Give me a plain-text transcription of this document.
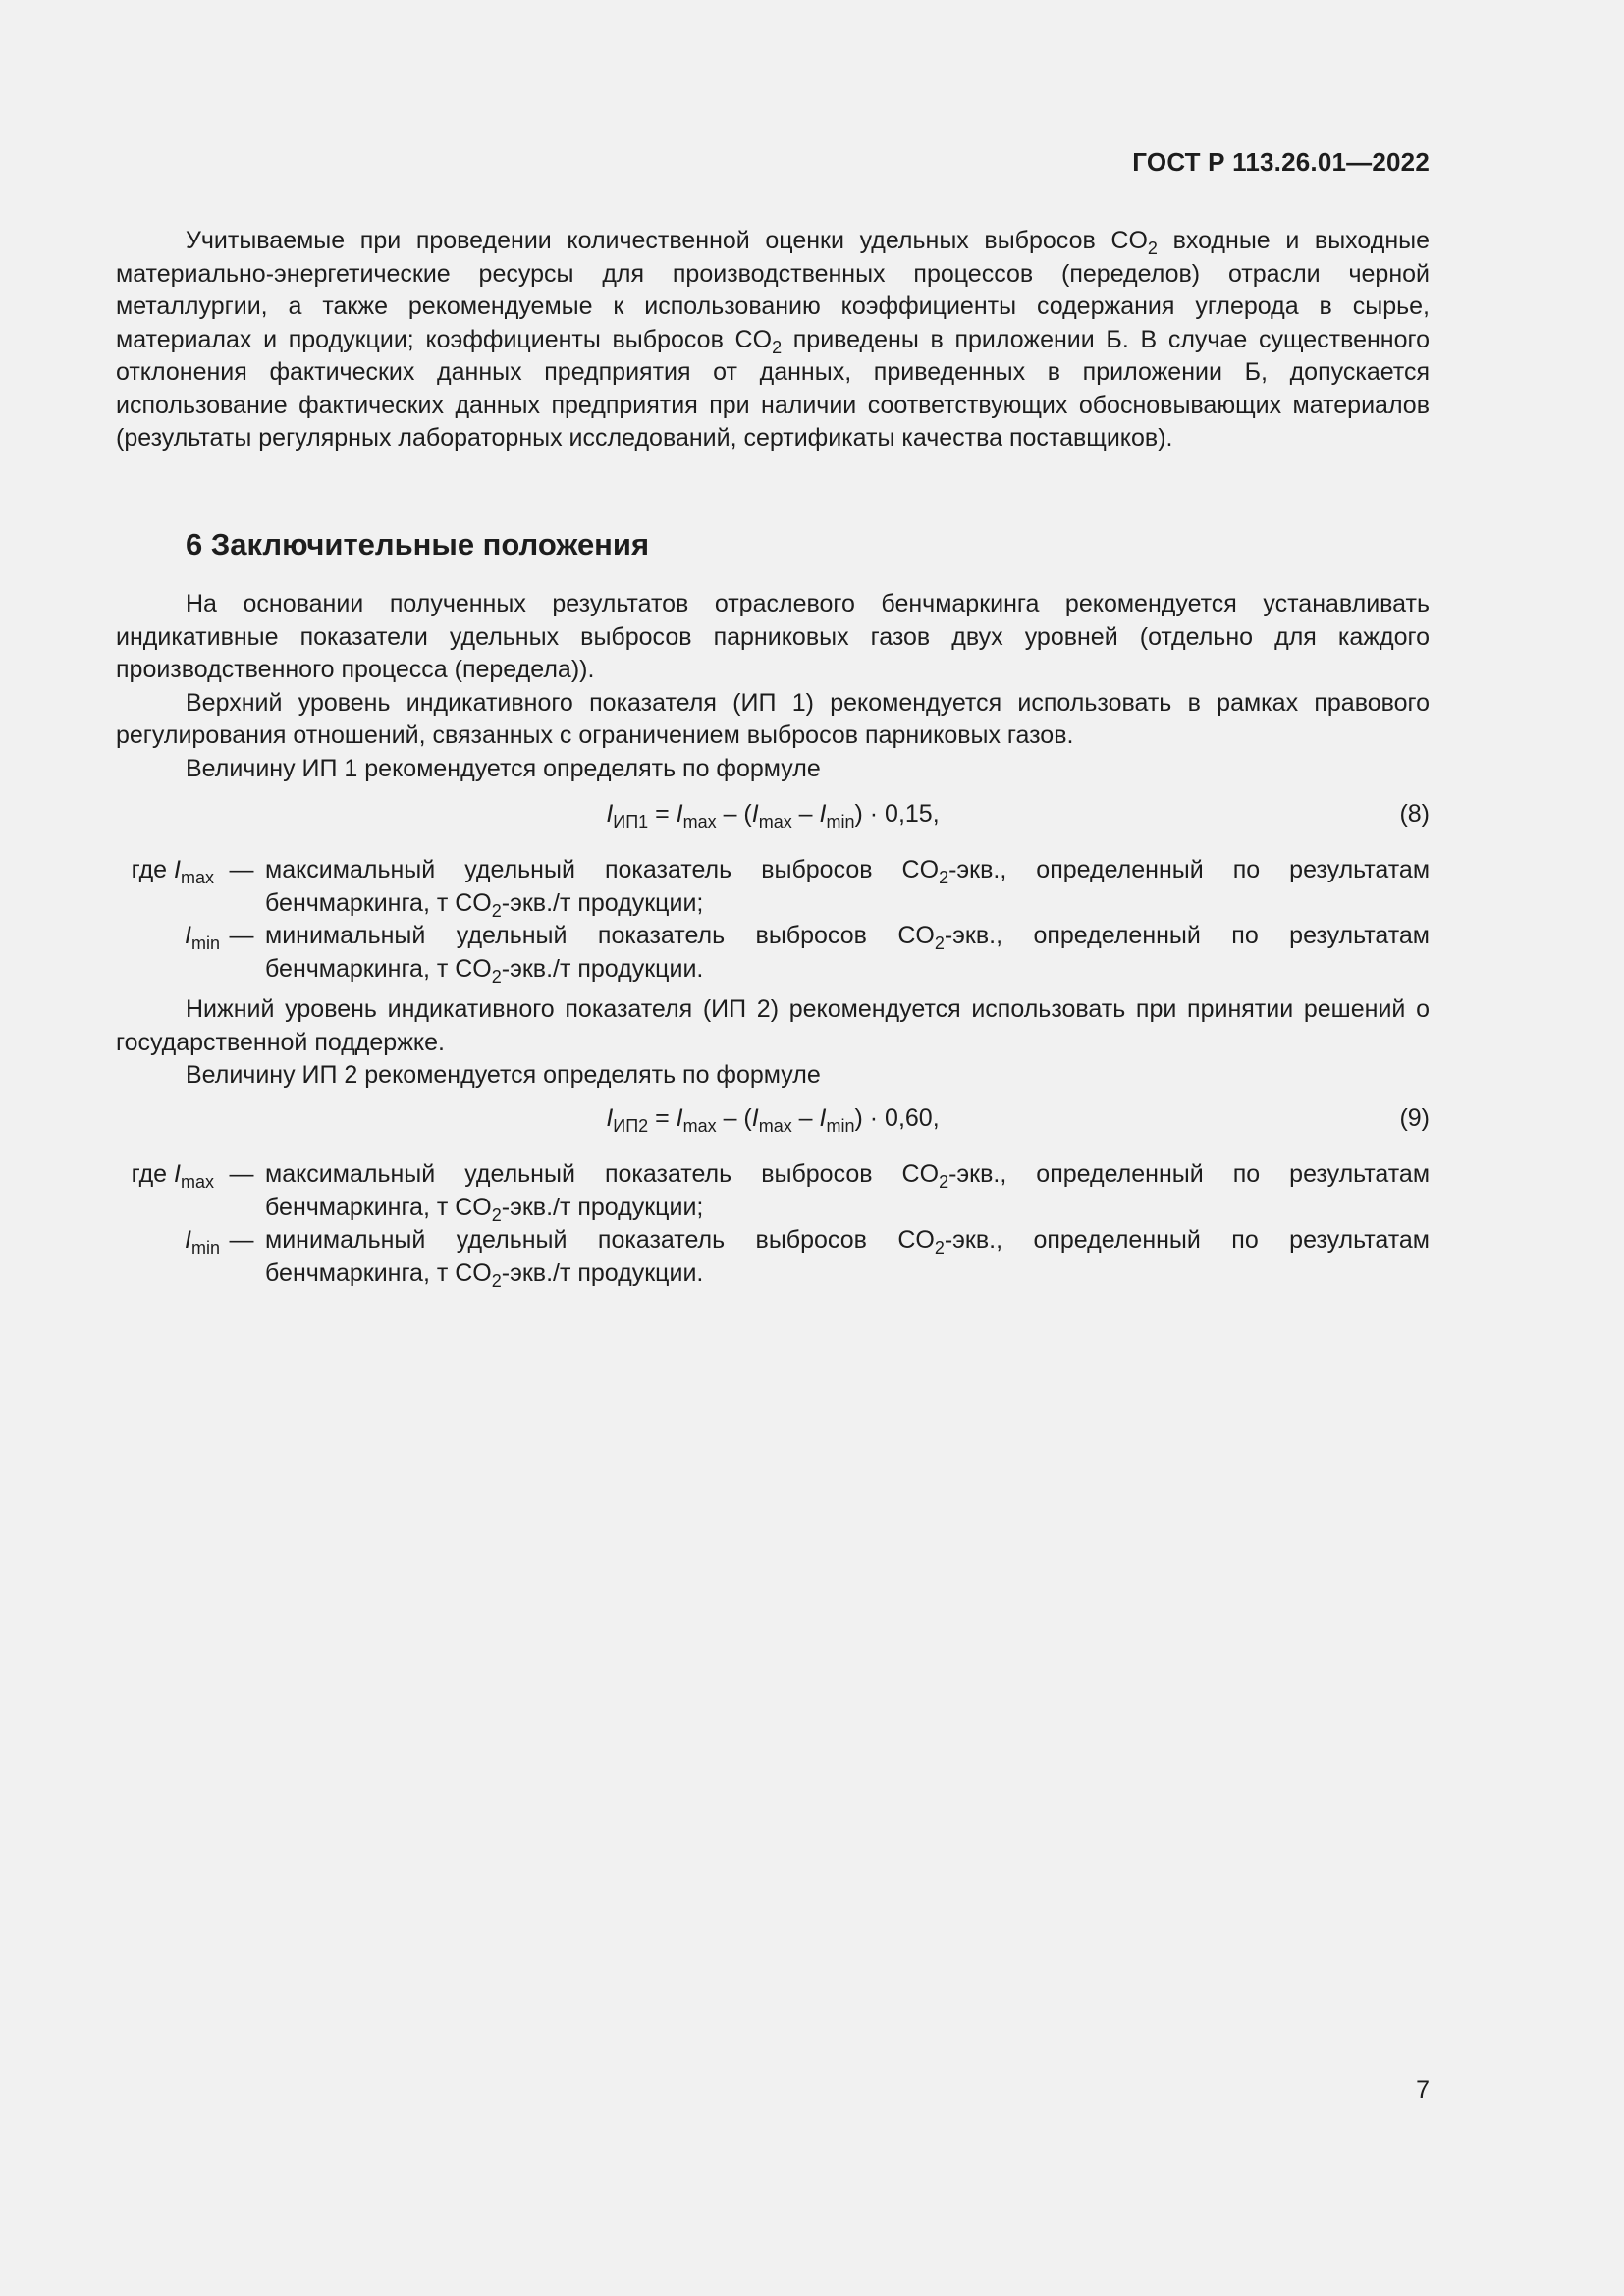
ГОСТ Р 113.26.01—2022

Учитываемые при проведении количественной оценки удельных выбросов $CO_2$ входные и выходные материально-энергетические ресурсы для производственных процессов (переделов) отрасли черной металлургии, а также рекомендуемые к использованию коэффициенты содержания углерода в сырье, материалах и продукции; коэффициенты выбросов $CO_2$ приведены в приложении Б. В случае существенного отклонения фактических данных предприятия от данных, приведенных в приложении Б, допускается использование фактических данных предприятия при наличии соответствующих обосновывающих материалов (результаты регулярных лабораторных исследований, сертификаты качества поставщиков).

6 Заключительные положения

На основании полученных результатов отраслевого бенчмаркинга рекомендуется устанавливать индикативные показатели удельных выбросов парниковых газов двух уровней (отдельно для каждого производственного процесса (передела)).

Верхний уровень индикативного показателя (ИП 1) рекомендуется использовать в рамках правового регулирования отношений, связанных с ограничением выбросов парниковых газов.

Величину ИП 1 рекомендуется определять по формуле

$I_{ИП1} = I_{max} - (I_{max} - I_{min}) \cdot 0,15$,	(8)
где $I_{max}$ — максимальный удельный показатель выбросов $CO_2$-экв., определенный по результатам бенчмаркинга, т $CO_2-экв./т$ продукции;
$I_{min}$ — минимальный удельный показатель выбросов $CO_2$-экв., определенный по результатам бенчмаркинга, т $CO_2-экв./т$ продукции.

Нижний уровень индикативного показателя (ИП 2) рекомендуется использовать при принятии решений о государственной поддержке.

Величину ИП 2 рекомендуется определять по формуле

$I_{ИП2} = I_{max} - (I_{max} - I_{min}) \cdot 0,60$,	(9)
где $I_{max}$ — максимальный удельный показатель выбросов $CO_2$-экв., определенный по результатам бенчмаркинга, т $CO_2-экв./т$ продукции;
$I_{min}$ — минимальный удельный показатель выбросов $CO_2$-экв., определенный по результатам бенчмаркинга, т $CO_2-экв./т$ продукции.
7
